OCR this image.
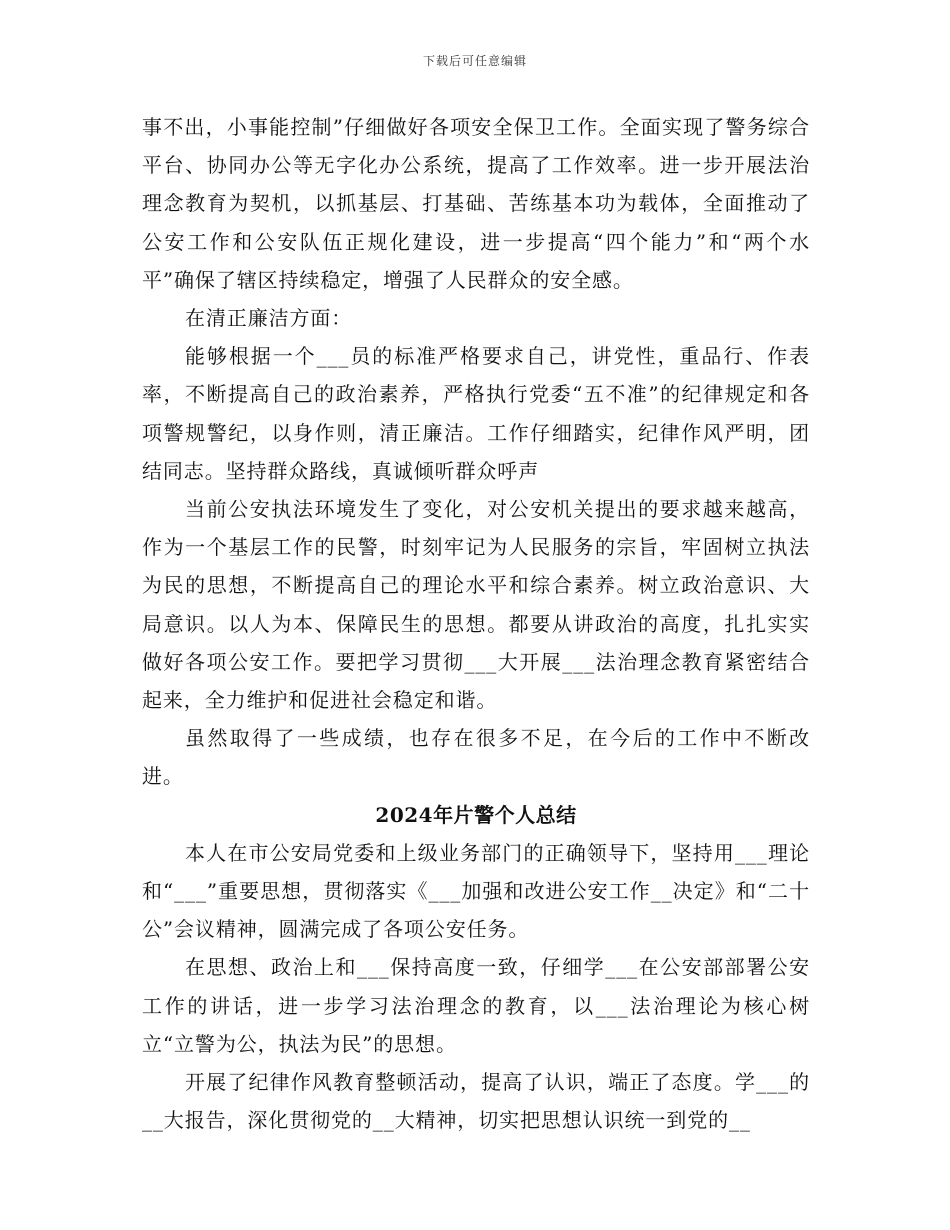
下载后可任意编辑

事不出，小事能控制”仔细做好各项安全保卫工作。全面实现了警务综合平台、协同办公等无字化办公系统，提高了工作效率。进一步开展法治理念教育为契机，以抓基层、打基础、苦练基本功为载体，全面推动了公安工作和公安队伍正规化建设，进一步提高“四个能力”和“两个水平”确保了辖区持续稳定，增强了人民群众的安全感。

在清正廉洁方面：

能够根据一个___员的标准严格要求自己，讲党性，重品行、作表率，不断提高自己的政治素养，严格执行党委“五不准”的纪律规定和各项警规警纪，以身作则，清正廉洁。工作仔细踏实，纪律作风严明，团结同志。坚持群众路线，真诚倾听群众呼声

当前公安执法环境发生了变化，对公安机关提出的要求越来越高，作为一个基层工作的民警，时刻牢记为人民服务的宗旨，牢固树立执法为民的思想，不断提高自己的理论水平和综合素养。树立政治意识、大局意识。以人为本、保障民生的思想。都要从讲政治的高度，扎扎实实做好各项公安工作。要把学习贯彻___大开展___法治理念教育紧密结合起来，全力维护和促进社会稳定和谐。

虽然取得了一些成绩，也存在很多不足，在今后的工作中不断改进。

2024年片警个人总结

本人在市公安局党委和上级业务部门的正确领导下，坚持用___理论和“___”重要思想，贯彻落实《___加强和改进公安工作__决定》和“二十公”会议精神，圆满完成了各项公安任务。

在思想、政治上和___保持高度一致，仔细学___在公安部部署公安工作的讲话，进一步学习法治理念的教育，以___法治理论为核心树立“立警为公，执法为民”的思想。

开展了纪律作风教育整顿活动，提高了认识，端正了态度。学___的__大报告，深化贯彻党的__大精神，切实把思想认识统一到党的__
